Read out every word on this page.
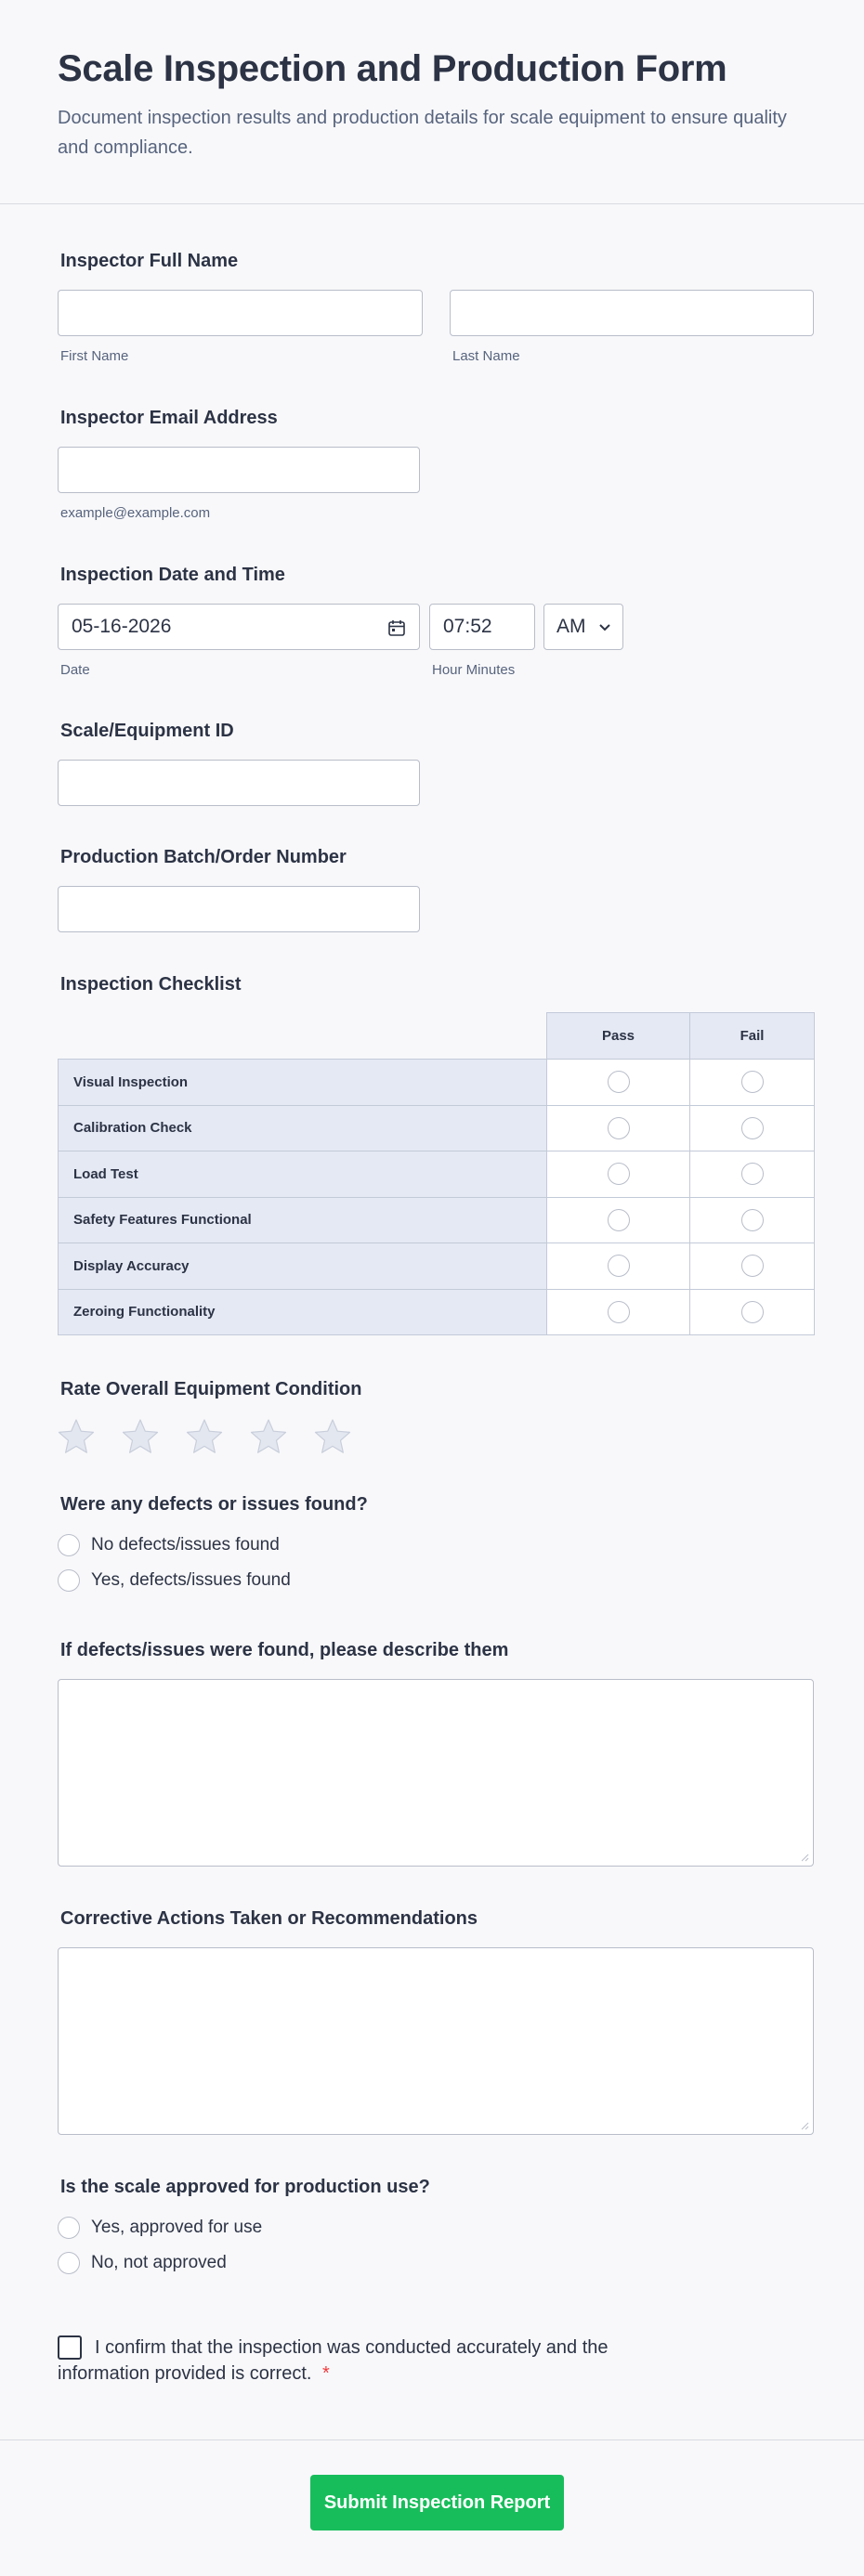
Scale Inspection and Production Form
Document inspection results and production details for scale equipment to ensure quality and compliance.
Inspector Full Name
First Name	Last Name
Inspector Email Address
example@example.com
Inspection Date and Time
05-16-2026
Date
07:52
Hour Minutes
AM
Scale/Equipment ID
Production Batch/Order Number
Inspection Checklist
	Pass	Fail
Visual Inspection		
Calibration Check		
Load Test		
Safety Features Functional		
Display Accuracy		
Zeroing Functionality		
Rate Overall Equipment Condition
Were any defects or issues found?
No defects/issues found
Yes, defects/issues found
If defects/issues were found, please describe them
Corrective Actions Taken or Recommendations
Is the scale approved for production use?
Yes, approved for use
No, not approved
I confirm that the inspection was conducted accurately and the information provided is correct. *
Submit Inspection Report
